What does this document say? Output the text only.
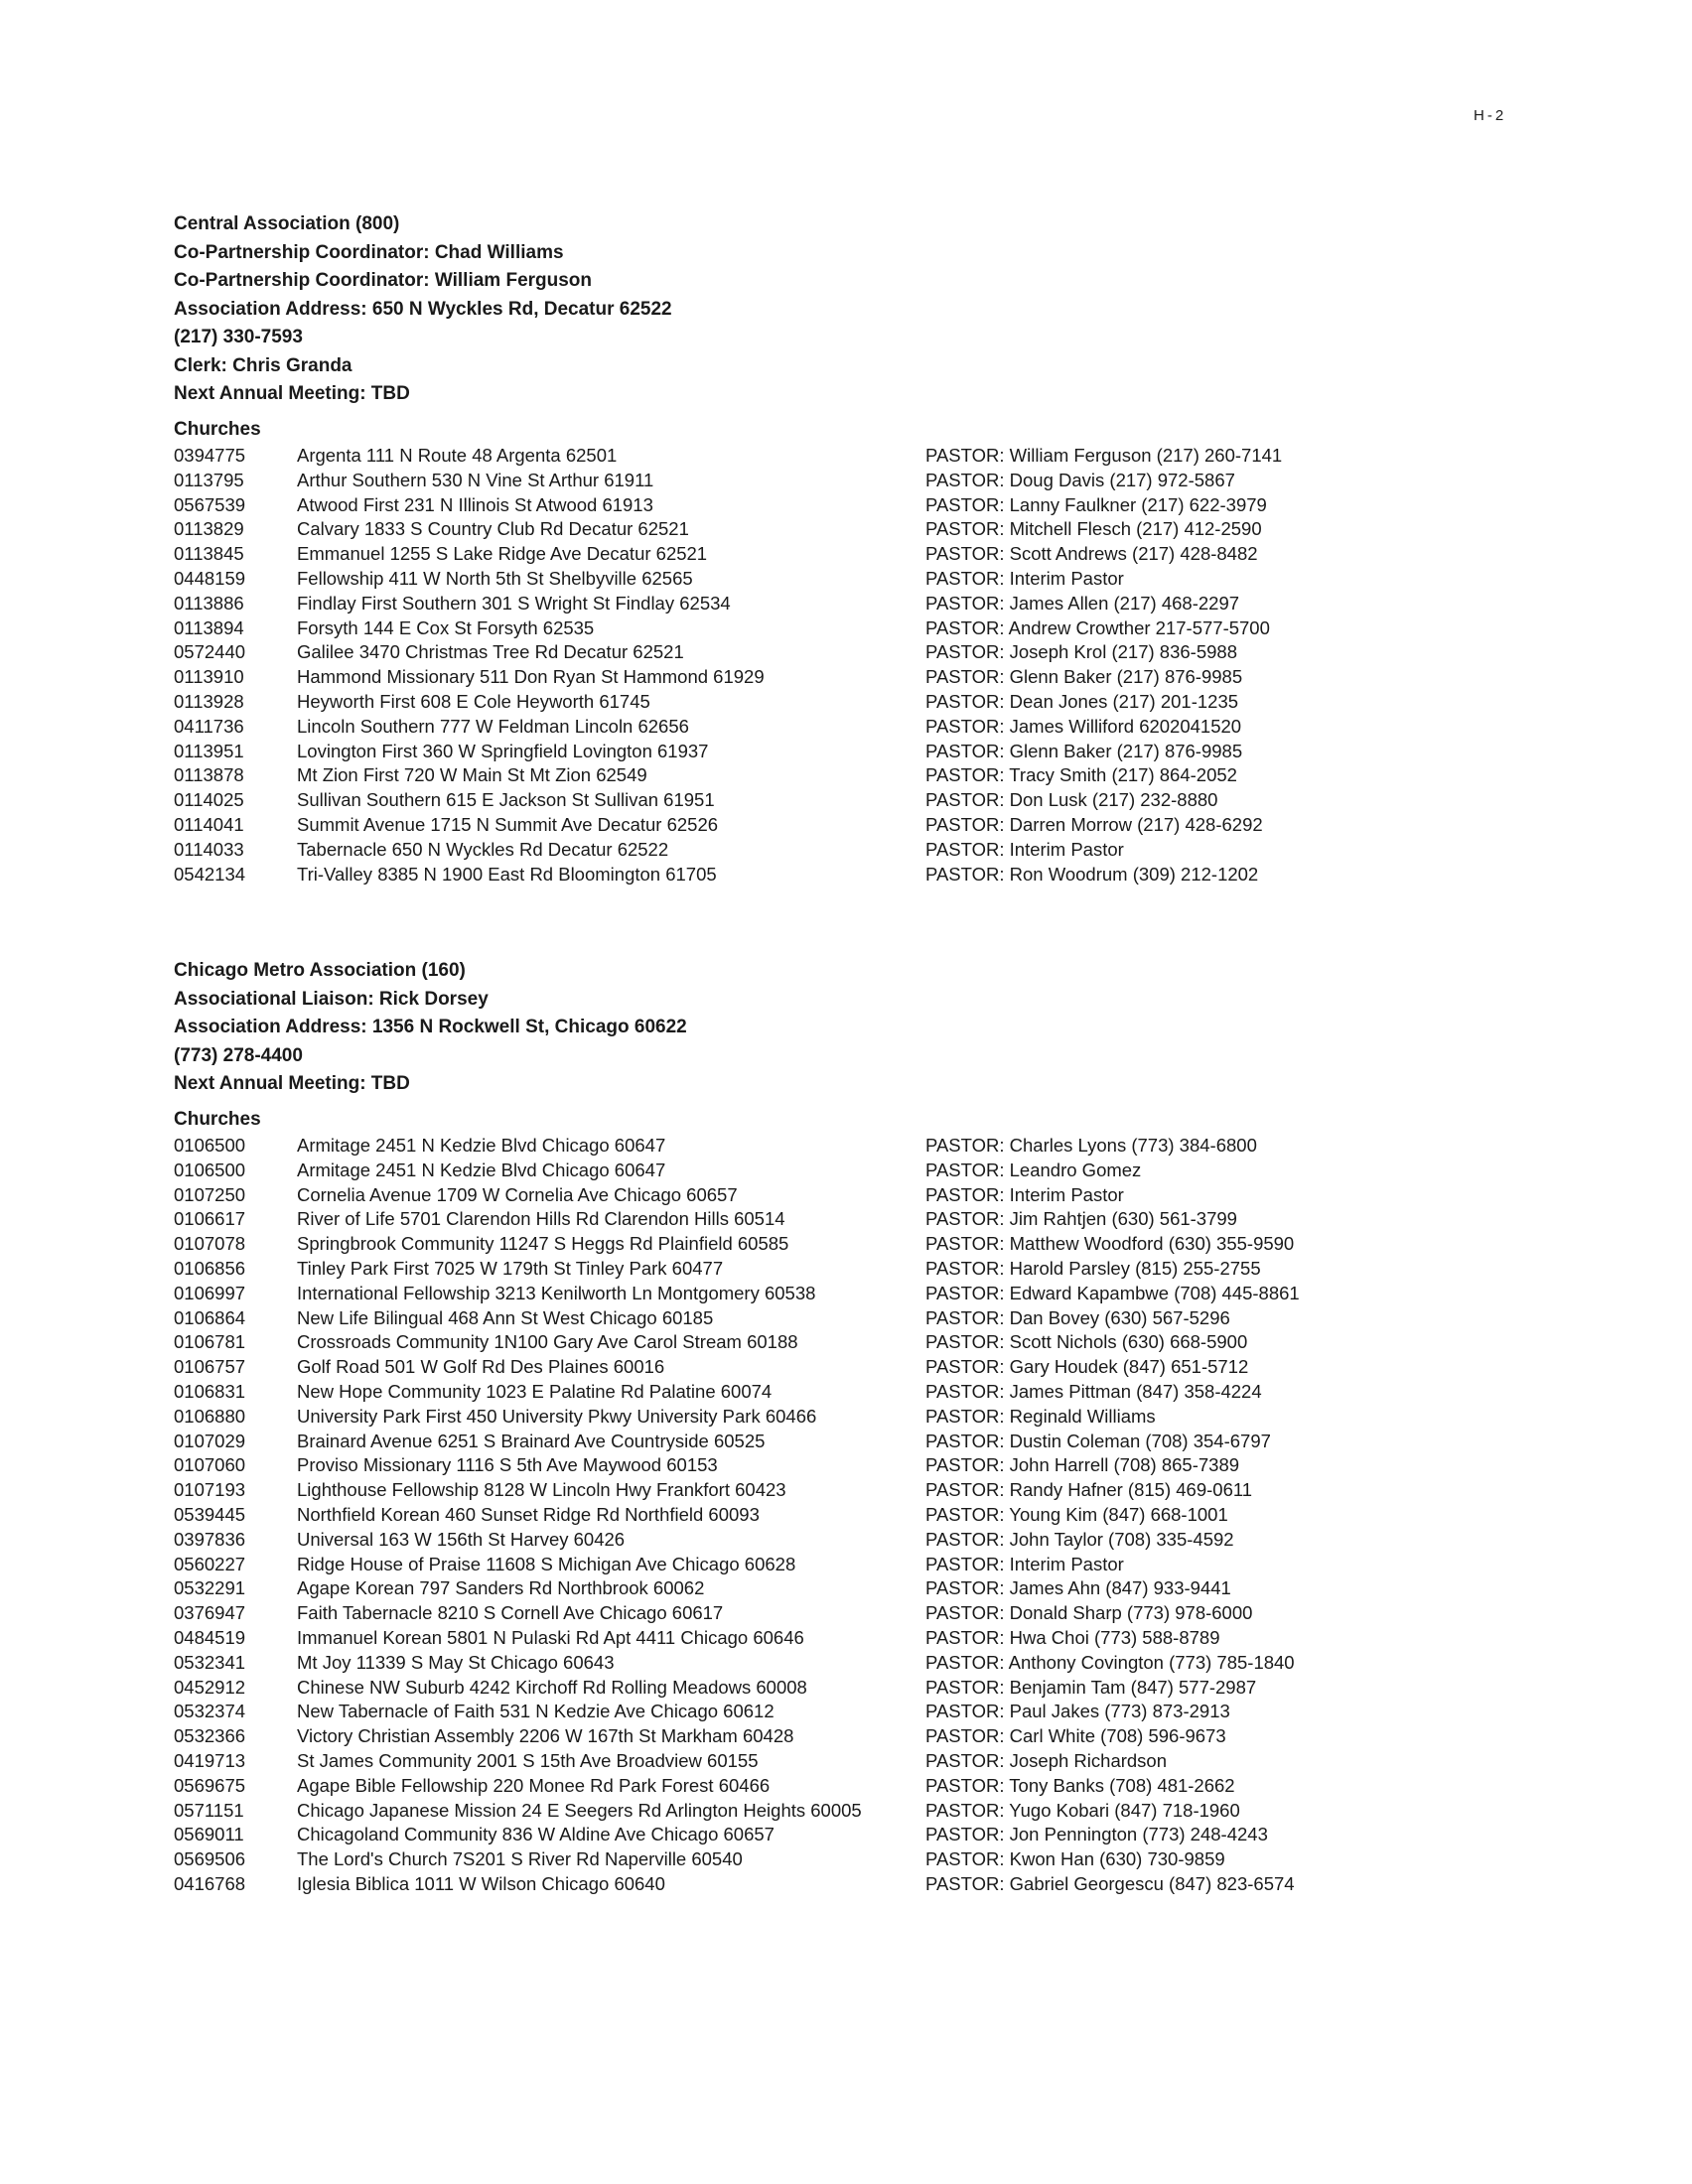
H-2
Central Association (800)
Co-Partnership Coordinator: Chad Williams
Co-Partnership Coordinator: William Ferguson
Association Address: 650 N Wyckles Rd, Decatur 62522
(217) 330-7593
Clerk: Chris Granda
Next Annual Meeting: TBD
Churches
0394775	Argenta 111 N Route 48 Argenta 62501	PASTOR: William Ferguson (217) 260-7141
0113795	Arthur Southern 530 N Vine St Arthur 61911	PASTOR: Doug Davis (217) 972-5867
0567539	Atwood First 231 N Illinois St Atwood 61913	PASTOR: Lanny Faulkner (217) 622-3979
0113829	Calvary 1833 S Country Club Rd Decatur 62521	PASTOR: Mitchell Flesch (217) 412-2590
0113845	Emmanuel 1255 S Lake Ridge Ave Decatur 62521	PASTOR: Scott Andrews (217) 428-8482
0448159	Fellowship 411 W North 5th St Shelbyville 62565	PASTOR: Interim Pastor
0113886	Findlay First Southern 301 S Wright St Findlay 62534	PASTOR: James Allen (217) 468-2297
0113894	Forsyth 144 E Cox St Forsyth 62535	PASTOR: Andrew Crowther 217-577-5700
0572440	Galilee 3470 Christmas Tree Rd Decatur 62521	PASTOR: Joseph Krol (217) 836-5988
0113910	Hammond Missionary 511 Don Ryan St Hammond 61929	PASTOR: Glenn Baker (217) 876-9985
0113928	Heyworth First 608 E Cole Heyworth 61745	PASTOR: Dean Jones (217) 201-1235
0411736	Lincoln Southern 777 W Feldman Lincoln 62656	PASTOR: James Williford 6202041520
0113951	Lovington First 360 W Springfield Lovington 61937	PASTOR: Glenn Baker (217) 876-9985
0113878	Mt Zion First 720 W Main St Mt Zion 62549	PASTOR: Tracy Smith (217) 864-2052
0114025	Sullivan Southern 615 E Jackson St Sullivan 61951	PASTOR: Don Lusk (217) 232-8880
0114041	Summit Avenue 1715 N Summit Ave Decatur 62526	PASTOR: Darren Morrow (217) 428-6292
0114033	Tabernacle 650 N Wyckles Rd Decatur 62522	PASTOR: Interim Pastor
0542134	Tri-Valley 8385 N 1900 East Rd Bloomington 61705	PASTOR: Ron Woodrum (309) 212-1202
Chicago Metro Association (160)
Associational Liaison: Rick Dorsey
Association Address: 1356 N Rockwell St, Chicago 60622
(773) 278-4400
Next Annual Meeting: TBD
Churches
0106500	Armitage 2451 N Kedzie Blvd Chicago 60647	PASTOR: Charles Lyons (773) 384-6800
0106500	Armitage 2451 N Kedzie Blvd Chicago 60647	PASTOR: Leandro Gomez
0107250	Cornelia Avenue 1709 W Cornelia Ave Chicago 60657	PASTOR: Interim Pastor
0106617	River of Life 5701 Clarendon Hills Rd Clarendon Hills 60514	PASTOR: Jim Rahtjen (630) 561-3799
0107078	Springbrook Community 11247 S Heggs Rd Plainfield 60585	PASTOR: Matthew Woodford (630) 355-9590
0106856	Tinley Park First 7025 W 179th St Tinley Park 60477	PASTOR: Harold Parsley (815) 255-2755
0106997	International Fellowship 3213 Kenilworth Ln Montgomery 60538	PASTOR: Edward Kapambwe (708) 445-8861
0106864	New Life Bilingual 468 Ann St West Chicago 60185	PASTOR: Dan Bovey (630) 567-5296
0106781	Crossroads Community 1N100 Gary Ave Carol Stream 60188	PASTOR: Scott Nichols (630) 668-5900
0106757	Golf Road 501 W Golf Rd Des Plaines 60016	PASTOR: Gary Houdek (847) 651-5712
0106831	New Hope Community 1023 E Palatine Rd Palatine 60074	PASTOR: James Pittman (847) 358-4224
0106880	University Park First 450 University Pkwy University Park 60466	PASTOR: Reginald Williams
0107029	Brainard Avenue 6251 S Brainard Ave Countryside 60525	PASTOR: Dustin Coleman (708) 354-6797
0107060	Proviso Missionary 1116 S 5th Ave Maywood 60153	PASTOR: John Harrell (708) 865-7389
0107193	Lighthouse Fellowship 8128 W Lincoln Hwy Frankfort 60423	PASTOR: Randy Hafner (815) 469-0611
0539445	Northfield Korean 460 Sunset Ridge Rd Northfield 60093	PASTOR: Young Kim (847) 668-1001
0397836	Universal 163 W 156th St Harvey 60426	PASTOR: John Taylor (708) 335-4592
0560227	Ridge House of Praise 11608 S Michigan Ave Chicago 60628	PASTOR: Interim Pastor
0532291	Agape Korean 797 Sanders Rd Northbrook 60062	PASTOR: James Ahn (847) 933-9441
0376947	Faith Tabernacle 8210 S Cornell Ave Chicago 60617	PASTOR: Donald Sharp (773) 978-6000
0484519	Immanuel Korean 5801 N Pulaski Rd Apt 4411 Chicago 60646	PASTOR: Hwa Choi (773) 588-8789
0532341	Mt Joy 11339 S May St Chicago 60643	PASTOR: Anthony Covington (773) 785-1840
0452912	Chinese NW Suburb 4242 Kirchoff Rd Rolling Meadows 60008	PASTOR: Benjamin Tam (847) 577-2987
0532374	New Tabernacle of Faith 531 N Kedzie Ave Chicago 60612	PASTOR: Paul Jakes (773) 873-2913
0532366	Victory Christian Assembly 2206 W 167th St Markham 60428	PASTOR: Carl White (708) 596-9673
0419713	St James Community 2001 S 15th Ave Broadview 60155	PASTOR: Joseph Richardson
0569675	Agape Bible Fellowship 220 Monee Rd Park Forest 60466	PASTOR: Tony Banks (708) 481-2662
0571151	Chicago Japanese Mission 24 E Seegers Rd Arlington Heights 60005	PASTOR: Yugo Kobari (847) 718-1960
0569011	Chicagoland Community 836 W Aldine Ave Chicago 60657	PASTOR: Jon Pennington (773) 248-4243
0569506	The Lord's Church 7S201 S River Rd Naperville 60540	PASTOR: Kwon Han (630) 730-9859
0416768	Iglesia Biblica 1011 W Wilson Chicago 60640	PASTOR: Gabriel Georgescu (847) 823-6574
